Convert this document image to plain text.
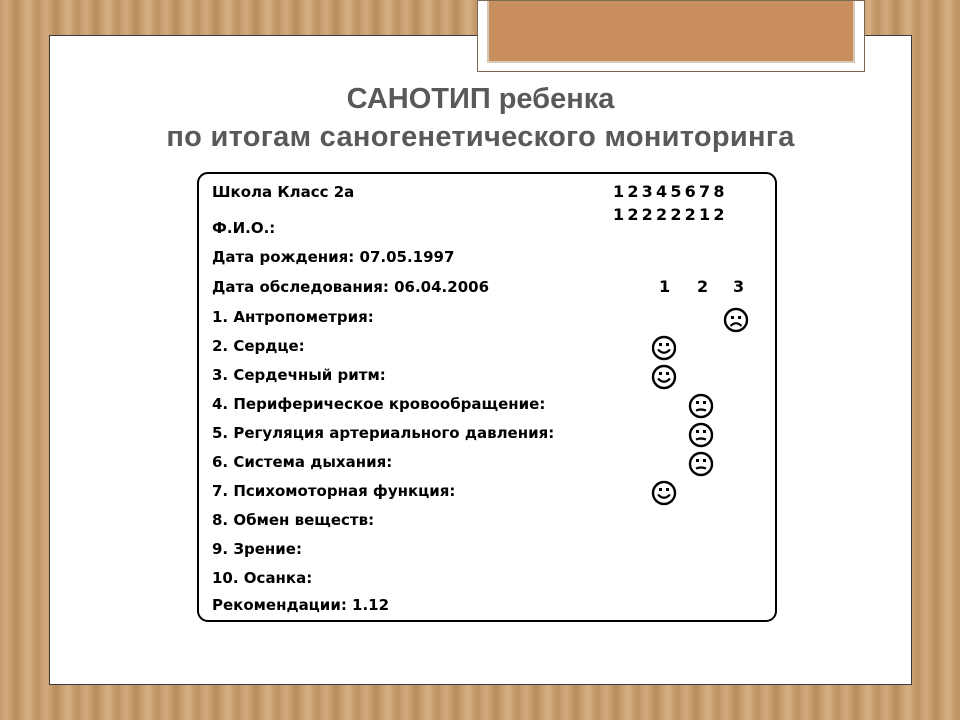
САНОТИП ребенка
по итогам саногенетического мониторинга
Школа Класс 2а	12345678
12222212
Ф.И.О.:
Дата рождения: 07.05.1997
Дата обследования: 06.04.2006	1 2 3
1. Антропометрия:
2. Сердце:
3. Сердечный ритм:
4. Периферическое кровообращение:
5. Регуляция артериального давления:
6. Система дыхания:
7. Психомоторная функция:
8. Обмен веществ:
9. Зрение:
10. Осанка:
Рекомендации: 1.12
